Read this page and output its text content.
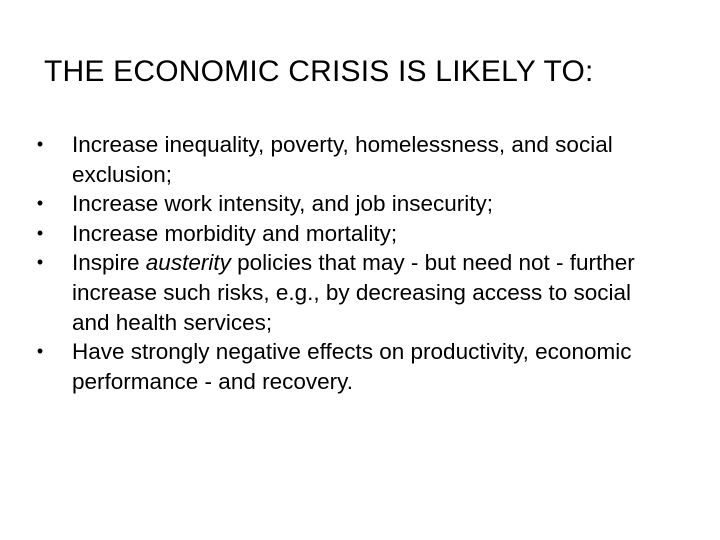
THE ECONOMIC CRISIS IS LIKELY TO:
•	Increase inequality, poverty, homelessness, and social exclusion;
•	Increase work intensity, and job insecurity;
•	Increase morbidity and mortality;
•	Inspire austerity policies that may - but need not - further increase such risks, e.g., by decreasing access to social and health services;
•	Have strongly negative effects on productivity, economic performance - and recovery.
